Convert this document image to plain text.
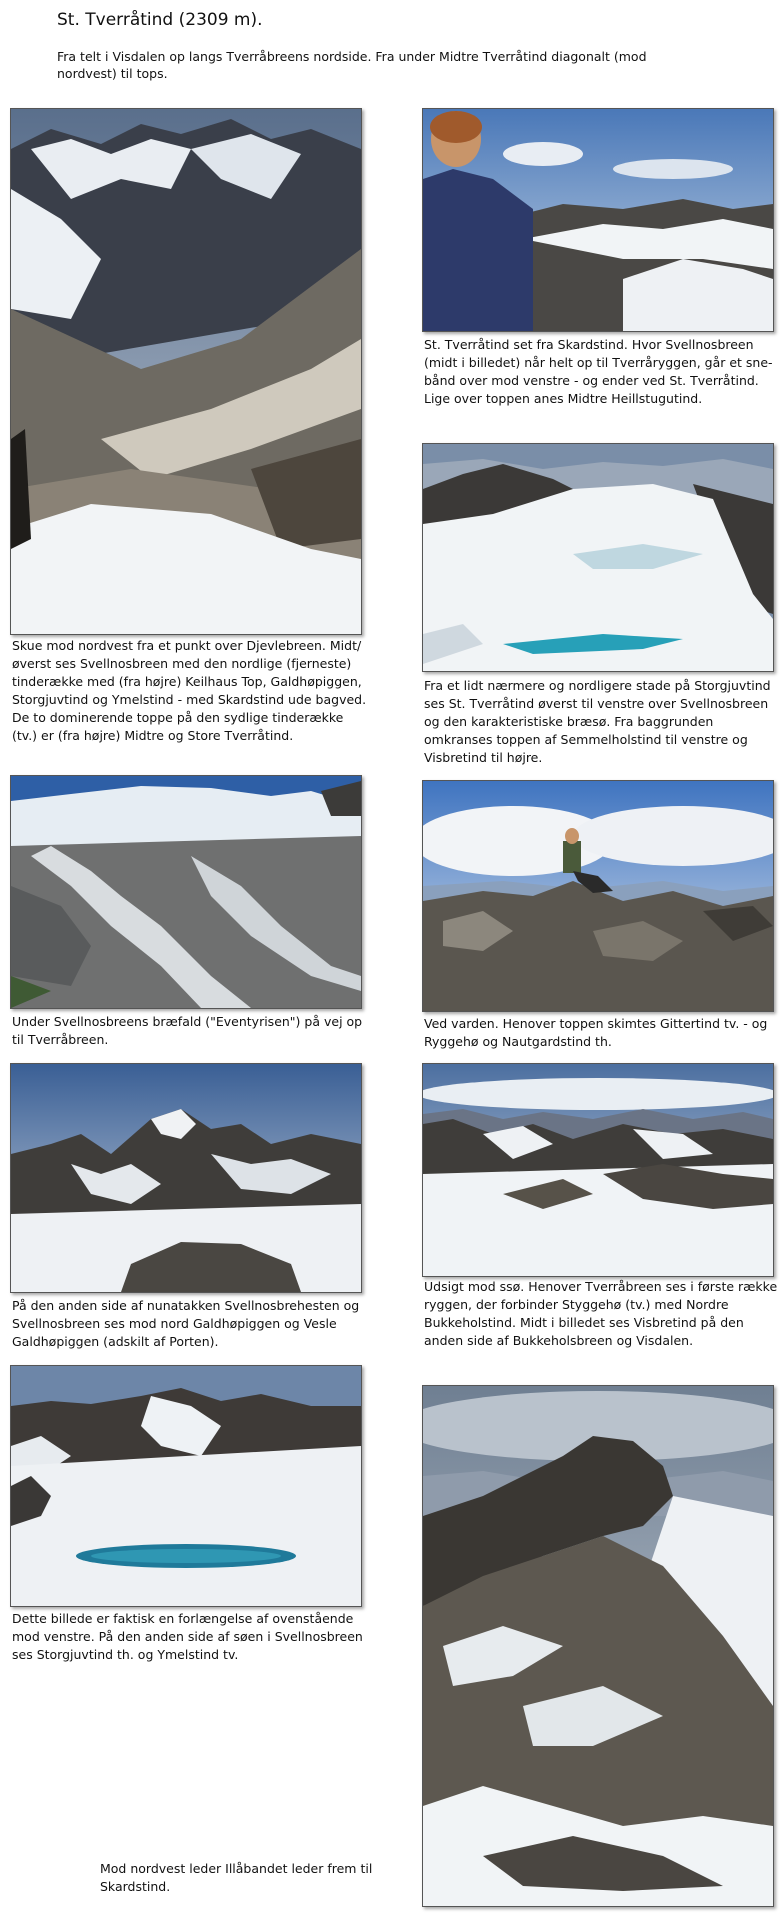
St. Tverråtind (2309 m).
Fra telt i Visdalen op langs Tverråbreens nordside. Fra under Midtre Tverråtind diagonalt (mod nordvest) til tops.
Skue mod nordvest fra et punkt over Djevlebreen. Midt/øverst ses Svellnosbreen med den nordlige (fjerneste) tinderække med (fra højre) Keilhaus Top, Galdhøpiggen, Storgjuvtind og Ymelstind - med Skardstind ude bagved. De to dominerende toppe på den sydlige tinderække (tv.) er (fra højre) Midtre og Store Tverråtind.
Under Svellnosbreens bræfald ("Eventyrisen") på vej op til Tverråbreen.
På den anden side af nunatakken Svellnosbrehesten og Svellnosbreen ses mod nord Galdhøpiggen og Vesle Galdhøpiggen (adskilt af Porten).
Dette billede er faktisk en forlængelse af ovenstående mod venstre. På den anden side af søen i Svellnosbreen ses Storgjuvtind th. og Ymelstind tv.
St. Tverråtind set fra Skardstind. Hvor Svellnosbreen (midt i billedet) når helt op til Tverråryggen, går et sne-bånd over mod venstre - og ender ved St. Tverråtind. Lige over toppen anes Midtre Heillstugutind.
Fra et lidt nærmere og nordligere stade på Storgjuvtind ses St. Tverråtind øverst til venstre over Svellnosbreen og den karakteristiske bræsø. Fra baggrunden omkranses toppen af Semmelholstind til venstre og Visbretind til højre.
Ved varden. Henover toppen skimtes Gittertind tv. - og Ryggehø og Nautgardstind th.
Udsigt mod ssø. Henover Tverråbreen ses i første række ryggen, der forbinder Styggehø (tv.) med Nordre Bukkeholstind. Midt i billedet ses Visbretind på den anden side af Bukkeholsbreen og Visdalen.
Mod nordvest leder Illåbandet leder frem til Skardstind.
